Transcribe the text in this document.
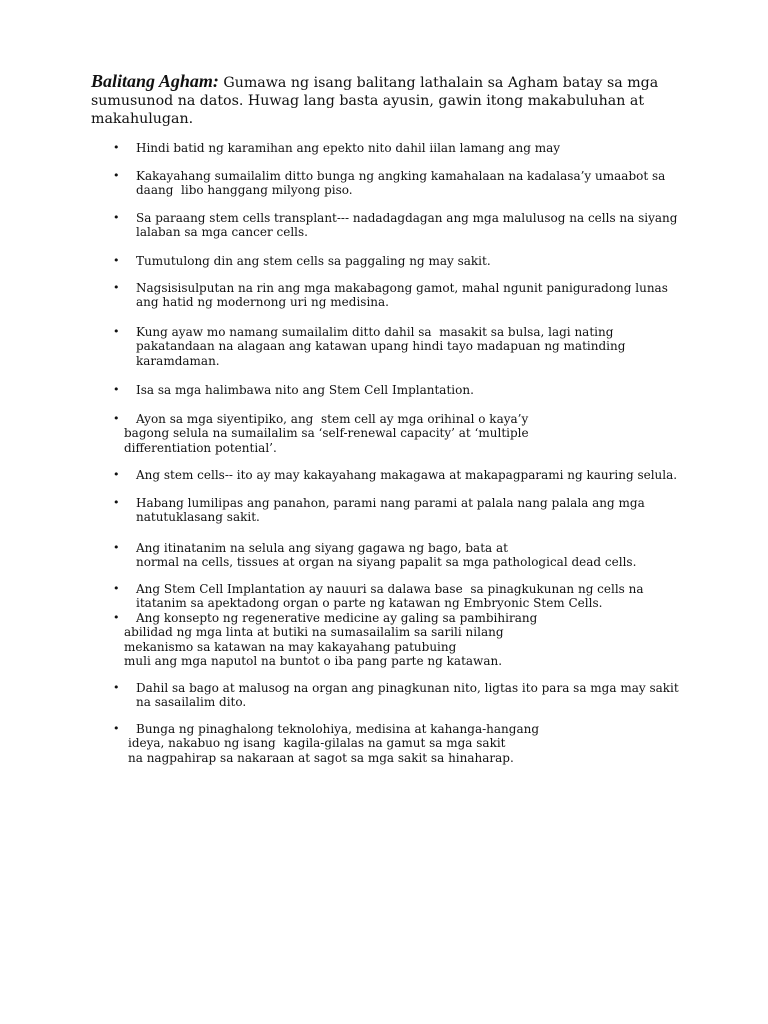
Balitang Agham: Gumawa ng isang balitang lathalain sa Agham batay sa mga sumusunod na datos. Huwag lang basta ayusin, gawin itong makabuluhan at makahulugan.
• Hindi batid ng karamihan ang epekto nito dahil iilan lamang ang may
• Kakayahang sumailalim ditto bunga ng angking kamahalaan na kadalasa’y umaabot sa
daang  libo hanggang milyong piso.
• Sa paraang stem cells transplant--- nadadagdagan ang mga malulusog na cells na siyang
lalaban sa mga cancer cells.
• Tumutulong din ang stem cells sa paggaling ng may sakit.
• Nagsisisulputan na rin ang mga makabagong gamot, mahal ngunit paniguradong lunas
ang hatid ng modernong uri ng medisina.
• Kung ayaw mo namang sumailalim ditto dahil sa  masakit sa bulsa, lagi nating
pakatandaan na alagaan ang katawan upang hindi tayo madapuan ng matinding
karamdaman.
• Isa sa mga halimbawa nito ang Stem Cell Implantation.
• Ayon sa mga siyentipiko, ang  stem cell ay mga orihinal o kaya’y
bagong selula na sumailalim sa ‘self-renewal capacity’ at ‘multiple
differentiation potential’.
• Ang stem cells-- ito ay may kakayahang makagawa at makapagparami ng kauring selula.
• Habang lumilipas ang panahon, parami nang parami at palala nang palala ang mga
natutuklasang sakit.
• Ang itinatanim na selula ang siyang gagawa ng bago, bata at
normal na cells, tissues at organ na siyang papalit sa mga pathological dead cells.
• Ang Stem Cell Implantation ay nauuri sa dalawa base  sa pinagkukunan ng cells na
itatanim sa apektadong organ o parte ng katawan ng Embryonic Stem Cells.
• Ang konsepto ng regenerative medicine ay galing sa pambihirang
abilidad ng mga linta at butiki na sumasailalim sa sarili nilang
mekanismo sa katawan na may kakayahang patubuing
muli ang mga naputol na buntot o iba pang parte ng katawan.
• Dahil sa bago at malusog na organ ang pinagkunan nito, ligtas ito para sa mga may sakit
na sasailalim dito.
• Bunga ng pinaghalong teknolohiya, medisina at kahanga-hangang
ideya, nakabuo ng isang  kagila-gilalas na gamut sa mga sakit
na nagpahirap sa nakaraan at sagot sa mga sakit sa hinaharap.
